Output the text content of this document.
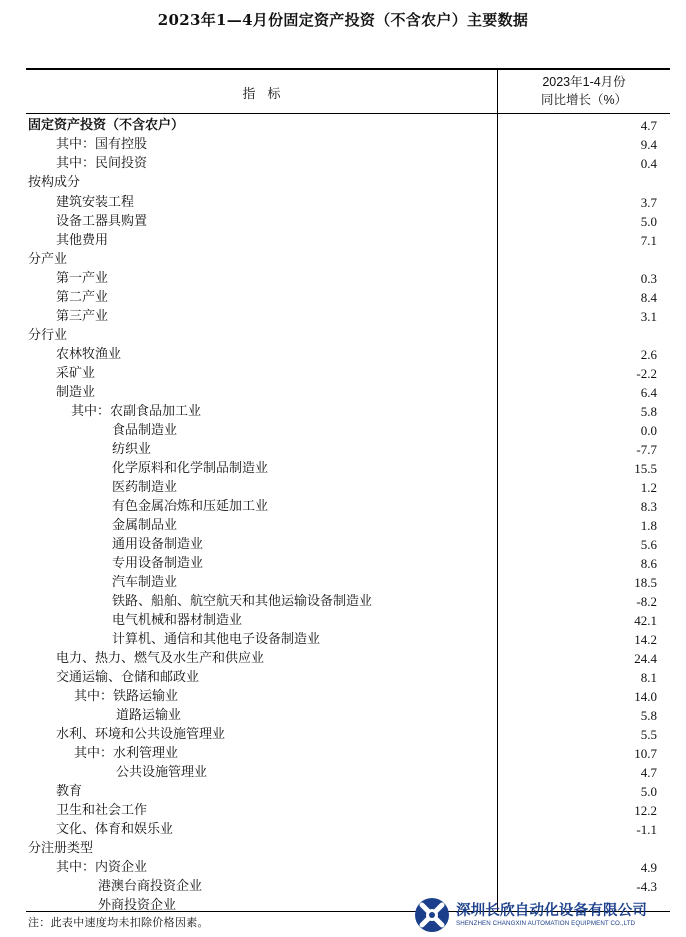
2023年1—4月份固定资产投资（不含农户）主要数据
指 标
2023年1-4月份
同比增长（%）
固定资产投资（不含农户）	4.7
其中：国有控股	9.4
其中：民间投资	0.4
按构成分
建筑安装工程	3.7
设备工器具购置	5.0
其他费用	7.1
分产业
第一产业	0.3
第二产业	8.4
第三产业	3.1
分行业
农林牧渔业	2.6
采矿业	-2.2
制造业	6.4
其中：农副食品加工业	5.8
食品制造业	0.0
纺织业	-7.7
化学原料和化学制品制造业	15.5
医药制造业	1.2
有色金属冶炼和压延加工业	8.3
金属制品业	1.8
通用设备制造业	5.6
专用设备制造业	8.6
汽车制造业	18.5
铁路、船舶、航空航天和其他运输设备制造业	-8.2
电气机械和器材制造业	42.1
计算机、通信和其他电子设备制造业	14.2
电力、热力、燃气及水生产和供应业	24.4
交通运输、仓储和邮政业	8.1
其中：铁路运输业	14.0
道路运输业	5.8
水利、环境和公共设施管理业	5.5
其中：水利管理业	10.7
公共设施管理业	4.7
教育	5.0
卫生和社会工作	12.2
文化、体育和娱乐业	-1.1
分注册类型
其中：内资企业	4.9
港澳台商投资企业	-4.3
外商投资企业
注：此表中速度均未扣除价格因素。
深圳长欣自动化设备有限公司
SHENZHEN CHANGXIN AUTOMATION EQUIPMENT CO.,LTD
